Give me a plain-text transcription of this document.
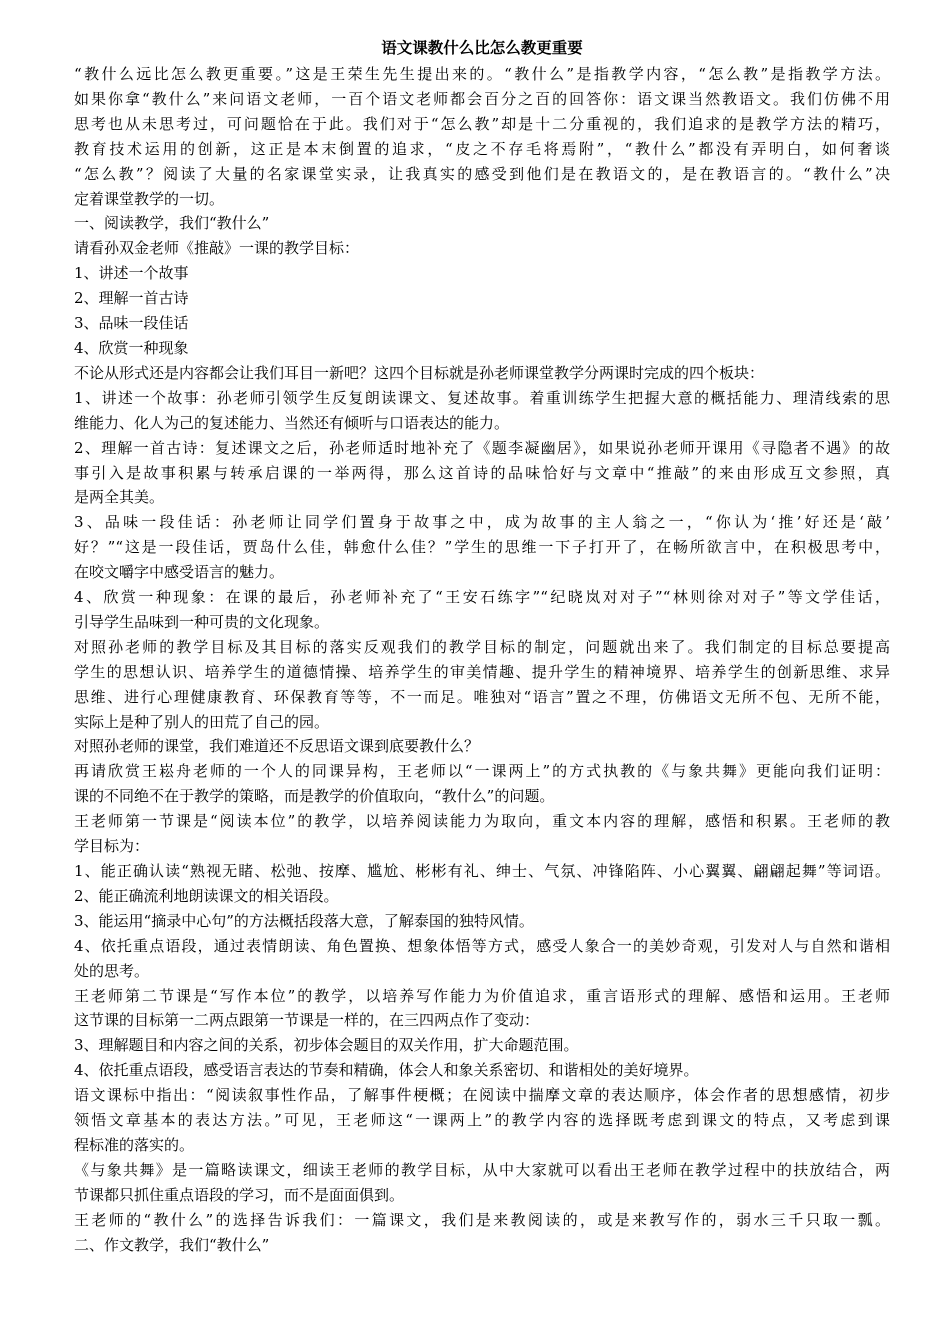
语文课教什么比怎么教更重要
“教什么远比怎么教更重要。”这是王荣生先生提出来的。“教什么”是指教学内容，“怎么教”是指教学方法。
如果你拿“教什么”来问语文老师，一百个语文老师都会百分之百的回答你：语文课当然教语文。我们仿佛不用
思考也从未思考过，可问题恰在于此。我们对于“怎么教”却是十二分重视的，我们追求的是教学方法的精巧，
教育技术运用的创新，这正是本末倒置的追求，“皮之不存毛将焉附”，“教什么”都没有弄明白，如何奢谈
“怎么教”？阅读了大量的名家课堂实录，让我真实的感受到他们是在教语文的，是在教语言的。“教什么”决
定着课堂教学的一切。
一、阅读教学，我们“教什么”
请看孙双金老师《推敲》一课的教学目标：
1、讲述一个故事
2、理解一首古诗
3、品味一段佳话
4、欣赏一种现象
不论从形式还是内容都会让我们耳目一新吧？这四个目标就是孙老师课堂教学分两课时完成的四个板块：
1、讲述一个故事：孙老师引领学生反复朗读课文、复述故事。着重训练学生把握大意的概括能力、理清线索的思
维能力、化人为己的复述能力、当然还有倾听与口语表达的能力。
2、理解一首古诗：复述课文之后，孙老师适时地补充了《题李凝幽居》，如果说孙老师开课用《寻隐者不遇》的故
事引入是故事积累与转承启课的一举两得，那么这首诗的品味恰好与文章中“推敲”的来由形成互文参照，真
是两全其美。
3、品味一段佳话：孙老师让同学们置身于故事之中，成为故事的主人翁之一，“你认为‘推’好还是‘敲’
好？”“这是一段佳话，贾岛什么佳，韩愈什么佳？”学生的思维一下子打开了，在畅所欲言中，在积极思考中，
在咬文嚼字中感受语言的魅力。
4、欣赏一种现象：在课的最后，孙老师补充了“王安石练字”“纪晓岚对对子”“林则徐对对子”等文学佳话，
引导学生品味到一种可贵的文化现象。
对照孙老师的教学目标及其目标的落实反观我们的教学目标的制定，问题就出来了。我们制定的目标总要提高
学生的思想认识、培养学生的道德情操、培养学生的审美情趣、提升学生的精神境界、培养学生的创新思维、求异
思维、进行心理健康教育、环保教育等等，不一而足。唯独对“语言”置之不理，仿佛语文无所不包、无所不能，
实际上是种了别人的田荒了自己的园。
对照孙老师的课堂，我们难道还不反思语文课到底要教什么？
再请欣赏王崧舟老师的一个人的同课异构，王老师以“一课两上”的方式执教的《与象共舞》更能向我们证明：
课的不同绝不在于教学的策略，而是教学的价值取向，“教什么”的问题。
王老师第一节课是“阅读本位”的教学，以培养阅读能力为取向，重文本内容的理解，感悟和积累。王老师的教
学目标为：
1、能正确认读“熟视无睹、松弛、按摩、尴尬、彬彬有礼、绅士、气氛、冲锋陷阵、小心翼翼、翩翩起舞”等词语。
2、能正确流利地朗读课文的相关语段。
3、能运用“摘录中心句”的方法概括段落大意，了解泰国的独特风情。
4、依托重点语段，通过表情朗读、角色置换、想象体悟等方式，感受人象合一的美妙奇观，引发对人与自然和谐相
处的思考。
王老师第二节课是“写作本位”的教学，以培养写作能力为价值追求，重言语形式的理解、感悟和运用。王老师
这节课的目标第一二两点跟第一节课是一样的，在三四两点作了变动：
3、理解题目和内容之间的关系，初步体会题目的双关作用，扩大命题范围。
4、依托重点语段，感受语言表达的节奏和精确，体会人和象关系密切、和谐相处的美好境界。
语文课标中指出：“阅读叙事性作品，了解事件梗概；在阅读中揣摩文章的表达顺序，体会作者的思想感情，初步
领悟文章基本的表达方法。”可见，王老师这“一课两上”的教学内容的选择既考虑到课文的特点，又考虑到课
程标准的落实的。
《与象共舞》是一篇略读课文，细读王老师的教学目标，从中大家就可以看出王老师在教学过程中的扶放结合，两
节课都只抓住重点语段的学习，而不是面面俱到。
王老师的“教什么”的选择告诉我们：一篇课文，我们是来教阅读的，或是来教写作的，弱水三千只取一瓢。
二、作文教学，我们“教什么”
